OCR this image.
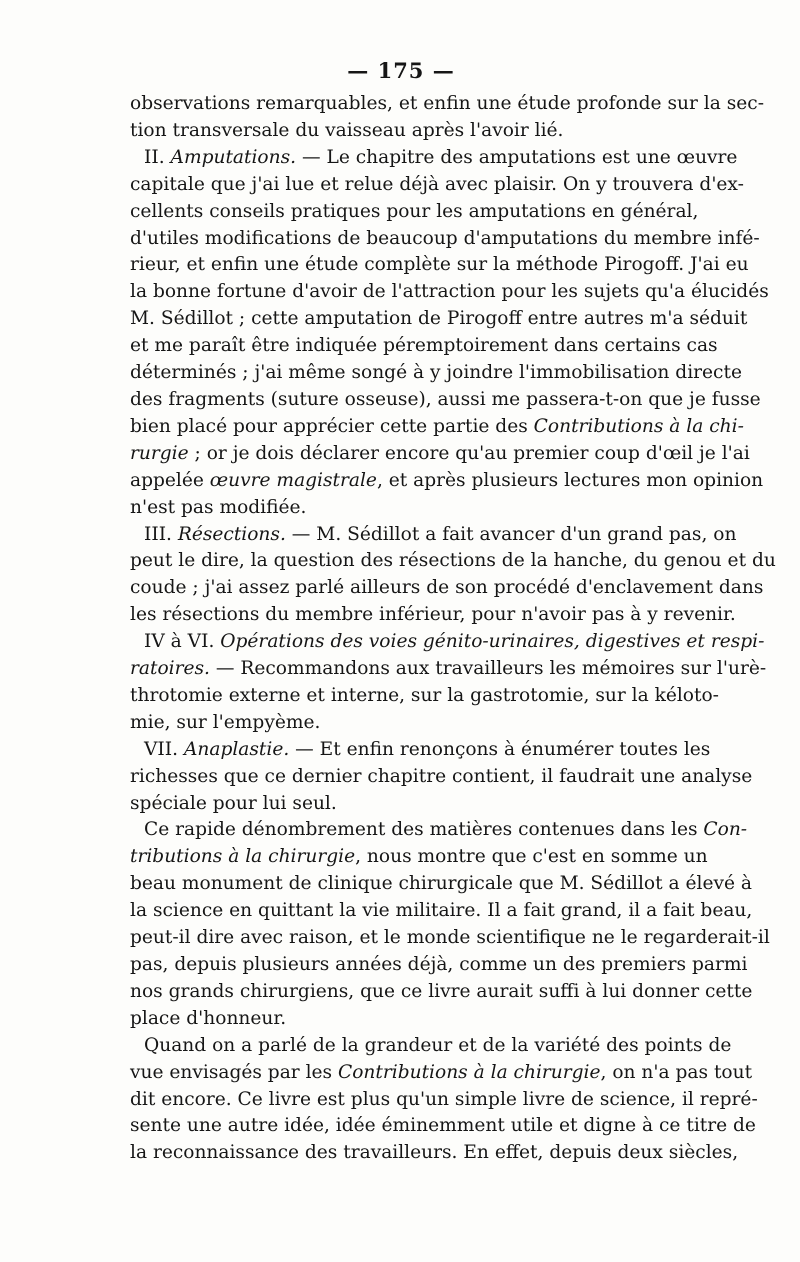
— 175 —
observations remarquables, et enfin une étude profonde sur la sec-
tion transversale du vaisseau après l'avoir lié.
II. Amputations. — Le chapitre des amputations est une œuvre
capitale que j'ai lue et relue déjà avec plaisir. On y trouvera d'ex-
cellents conseils pratiques pour les amputations en général,
d'utiles modifications de beaucoup d'amputations du membre infé-
rieur, et enfin une étude complète sur la méthode Pirogoff. J'ai eu
la bonne fortune d'avoir de l'attraction pour les sujets qu'a élucidés
M. Sédillot ; cette amputation de Pirogoff entre autres m'a séduit
et me paraît être indiquée péremptoirement dans certains cas
déterminés ; j'ai même songé à y joindre l'immobilisation directe
des fragments (suture osseuse), aussi me passera-t-on que je fusse
bien placé pour apprécier cette partie des Contributions à la chi-
rurgie ; or je dois déclarer encore qu'au premier coup d'œil je l'ai
appelée œuvre magistrale, et après plusieurs lectures mon opinion
n'est pas modifiée.
III. Résections. — M. Sédillot a fait avancer d'un grand pas, on
peut le dire, la question des résections de la hanche, du genou et du
coude ; j'ai assez parlé ailleurs de son procédé d'enclavement dans
les résections du membre inférieur, pour n'avoir pas à y revenir.
IV à VI. Opérations des voies génito-urinaires, digestives et respi-
ratoires. — Recommandons aux travailleurs les mémoires sur l'urè-
throtomie externe et interne, sur la gastrotomie, sur la kéloto-
mie, sur l'empyème.
VII. Anaplastie. — Et enfin renonçons à énumérer toutes les
richesses que ce dernier chapitre contient, il faudrait une analyse
spéciale pour lui seul.
Ce rapide dénombrement des matières contenues dans les Con-
tributions à la chirurgie, nous montre que c'est en somme un
beau monument de clinique chirurgicale que M. Sédillot a élevé à
la science en quittant la vie militaire. Il a fait grand, il a fait beau,
peut-il dire avec raison, et le monde scientifique ne le regarderait-il
pas, depuis plusieurs années déjà, comme un des premiers parmi
nos grands chirurgiens, que ce livre aurait suffi à lui donner cette
place d'honneur.
Quand on a parlé de la grandeur et de la variété des points de
vue envisagés par les Contributions à la chirurgie, on n'a pas tout
dit encore. Ce livre est plus qu'un simple livre de science, il repré-
sente une autre idée, idée éminemment utile et digne à ce titre de
la reconnaissance des travailleurs. En effet, depuis deux siècles,
